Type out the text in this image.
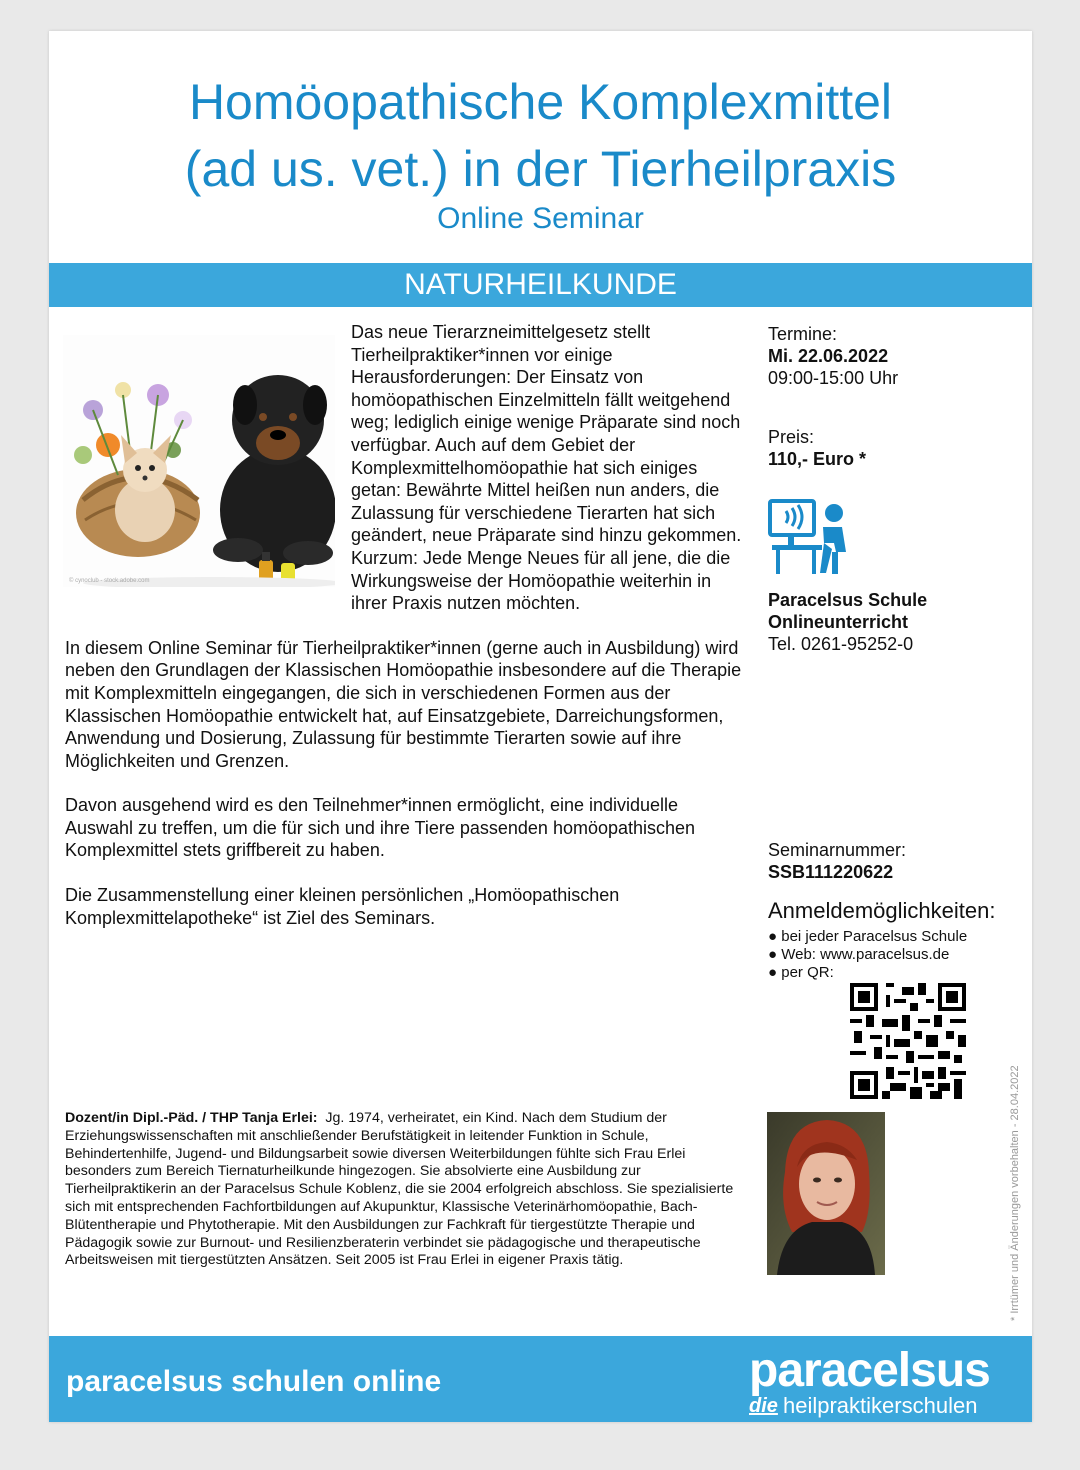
Homöopathische Komplexmittel
(ad us. vet.) in der Tierheilpraxis
Online Seminar
NATURHEILKUNDE
© cynoclub - stock.adobe.com

Das neue Tierarzneimittelgesetz stellt Tierheilpraktiker*innen vor einige Herausforderungen: Der Einsatz von homöopathischen Einzelmitteln fällt weitgehend weg; lediglich einige wenige Präparate sind noch verfügbar. Auch auf dem Gebiet der Komplexmittelhomöopathie hat sich einiges getan: Bewährte Mittel heißen nun anders, die Zulassung für verschiedene Tierarten hat sich geändert, neue Präparate sind hinzu gekommen. Kurzum: Jede Menge Neues für all jene, die die Wirkungsweise der Homöopathie weiterhin in ihrer Praxis nutzen möchten.

In diesem Online Seminar für Tierheilpraktiker*innen (gerne auch in Ausbildung) wird neben den Grundlagen der Klassischen Homöopathie insbesondere auf die Therapie mit Komplexmitteln eingegangen, die sich in verschiedenen Formen aus der Klassischen Homöopathie entwickelt hat, auf Einsatzgebiete, Darreichungsformen, Anwendung und Dosierung, Zulassung für bestimmte Tierarten sowie auf ihre Möglichkeiten und Grenzen.

Davon ausgehend wird es den Teilnehmer*innen ermöglicht, eine individuelle Auswahl zu treffen, um die für sich und ihre Tiere passenden homöopathischen Komplexmittel stets griffbereit zu haben.

Die Zusammenstellung einer kleinen persönlichen „Homöopathischen Komplexmittelapotheke“ ist Ziel des Seminars.

Termine:
Mi. 22.06.2022
09:00-15:00 Uhr
Preis:
110,- Euro *
Paracelsus Schule
Onlineunterricht
Tel. 0261-95252-0
Seminarnummer:
SSB111220622
Anmeldemöglichkeiten:
● bei jeder Paracelsus Schule
● Web: www.paracelsus.de
● per QR:
* Irrtümer und Änderungen vorbehalten - 28.04.2022
Dozent/in Dipl.-Päd. / THP Tanja Erlei: Jg. 1974, verheiratet, ein Kind. Nach dem Studium der Erziehungswissenschaften mit anschließender Berufstätigkeit in leitender Funktion in Schule, Behindertenhilfe, Jugend- und Bildungsarbeit sowie diversen Weiterbildungen fühlte sich Frau Erlei besonders zum Bereich Tiernaturheilkunde hingezogen. Sie absolvierte eine Ausbildung zur Tierheilpraktikerin an der Paracelsus Schule Koblenz, die sie 2004 erfolgreich abschloss. Sie spezialisierte sich mit entsprechenden Fachfortbildungen auf Akupunktur, Klassische Veterinärhomöopathie, Bach-Blütentherapie und Phytotherapie. Mit den Ausbildungen zur Fachkraft für tiergestützte Therapie und Pädagogik sowie zur Burnout- und Resilienzberaterin verbindet sie pädagogische und therapeutische Arbeitsweisen mit tiergestützten Ansätzen. Seit 2005 ist Frau Erlei in eigener Praxis tätig.
paracelsus schulen online	paracelsus
die heilpraktikerschulen
